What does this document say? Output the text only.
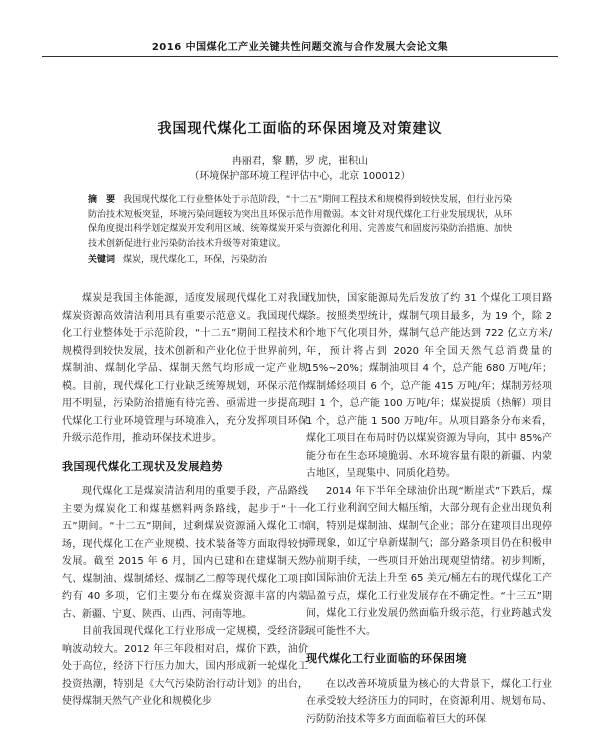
2016 中国煤化工产业关键共性问题交流与合作发展大会论文集
我国现代煤化工面临的环保困境及对策建议
冉丽君，黎 鹏，罗 虎，崔积山
（环境保护部环境工程评估中心，北京 100012）
摘　要 我国现代煤化工行业整体处于示范阶段，“十二五”期间工程技术和规模得到较快发展，但行业污染防治技术短板突显，环境污染问题较为突出且环保示范作用微弱。本文针对现代煤化工行业发展现状，从环保角度提出科学划定煤炭开发利用区域、统筹煤炭开采与资源化利用、完善废气和固废污染防治措施、加快技术创新促进行业污染防治技术升级等对策建议。
关键词 煤炭，现代煤化工，环保，污染防治

煤炭是我国主体能源，适度发展现代煤化工对我国煤炭资源高效清洁利用具有重要示范意义。我国现代煤化工行业整体处于示范阶段，“十二五”期间工程技术和规模得到较快发展，技术创新和产业化位于世界前列，煤制油、煤制化学品、煤制天然气均形成一定产业规模。目前，现代煤化工行业缺乏统筹规划，环保示范作用不明显，污染防治措施有待完善、亟需进一步提高现代煤化工行业环境管理与环境准入，充分发挥项目环保升级示范作用，推动环保技术进步。

我国现代煤化工现状及发展趋势

现代煤化工是煤炭清洁利用的重要手段，产品路线主要为煤炭化工和煤基燃料两条路线，起步于“十一五”期间。“十二五”期间，过剩煤炭资源涌入煤化工市场，现代煤化工在产业规模、技术装备等方面取得较快发展。截至 2015 年 6 月，国内已建和在建煤制天然气、煤制油、煤制烯烃、煤制乙二醇等现代煤化工项目约有 40 多项，它们主要分布在煤炭资源丰富的内蒙古、新疆、宁夏、陕西、山西、河南等地。

目前我国现代煤化工行业形成一定规模，受经济影响波动较大。2012 年三年段相对启，煤价下跌，油价处于高位，经济下行压力加大，国内形成新一轮煤化工投资热潮，特别是《大气污染防治行动计划》的出台，使得煤制天然气产业化和规模化步

伐加快，国家能源局先后发放了约 31 个煤化工项目路条。按照类型统计，煤制气项目最多，为 19 个，除 2 个地下气化项目外，煤制气总产能达到 722 亿立方米/年，预计将占到 2020 年全国天然气总消费量的 15%~20%；煤制油项目 4 个，总产能 680 万吨/年；煤制烯烃项目 6 个，总产能 415 万吨/年；煤制芳烃项目 1 个，总产能 100 万吨/年；煤炭提质（热解）项目 1 个，总产能 1 500 万吨/年。从项目路条分布来看，煤化工项目在布局时仍以煤炭资源为导向，其中 85%产能分布在生态环境脆弱、水环境容量有限的新疆、内蒙古地区，呈现集中、同质化趋势。

2014 年下半年全球油价出现“断崖式”下跌后，煤化工行业利润空间大幅压缩，大部分现有企业出现负利润，特别是煤制油、煤制气企业；部分在建项目出现停滞现象，如辽宁阜新煤制气；部分路条项目仍在积极申办前期手续，一些项目开始出现观望情绪。初步判断，如国际油价无法上升至 65 美元/桶左右的现代煤化工产品盈亏点，煤化工行业发展存在不确定性。“十三五”期间，煤化工行业发展仍然面临升级示范，行业跨越式发展可能性不大。

现代煤化工行业面临的环保困境

在以改善环境质量为核心的大背景下，煤化工行业在承受较大经济压力的同时，在资源利用、规划布局、污防防治技术等多方面面临着巨大的环保
